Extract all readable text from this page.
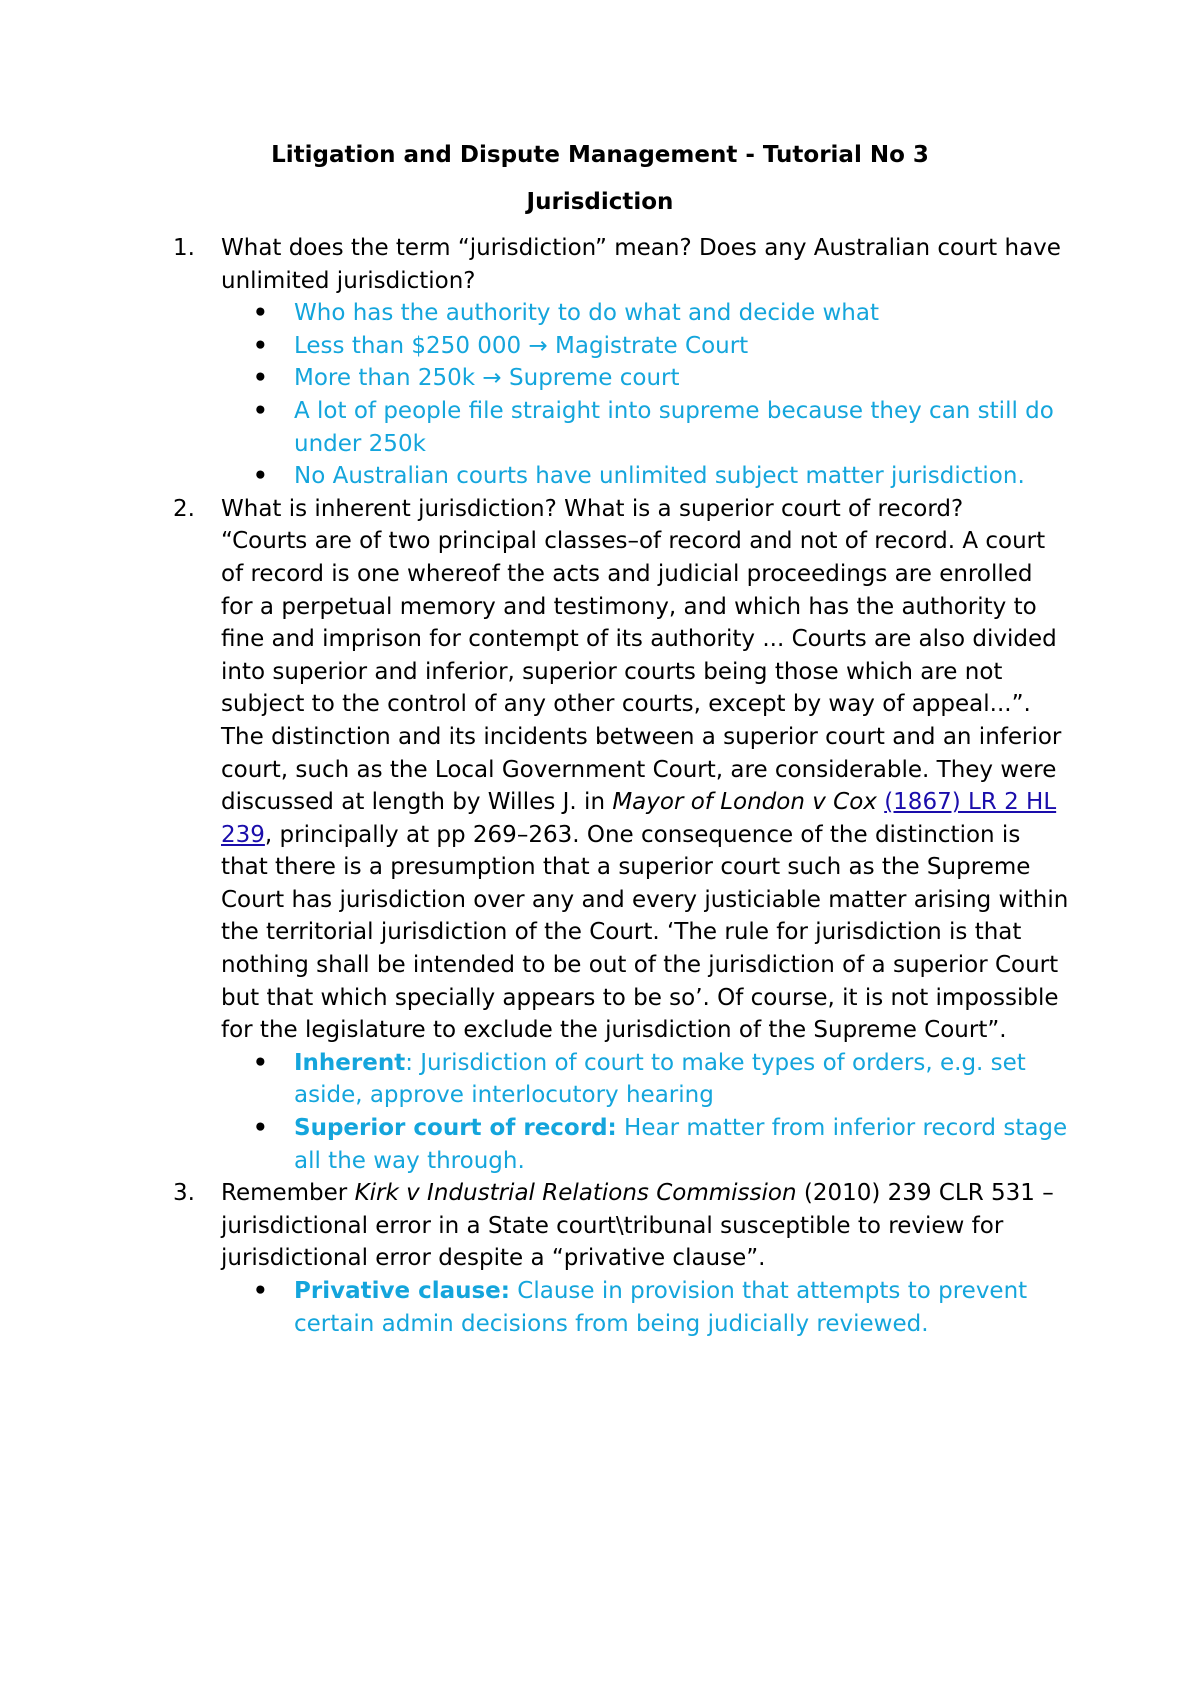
Litigation and Dispute Management - Tutorial No 3
Jurisdiction
1.	What does the term “jurisdiction” mean? Does any Australian court have unlimited jurisdiction?
• Who has the authority to do what and decide what
• Less than $250 000 → Magistrate Court
• More than 250k → Supreme court
• A lot of people file straight into supreme because they can still do under 250k
• No Australian courts have unlimited subject matter jurisdiction.
2.	What is inherent jurisdiction? What is a superior court of record?
“Courts are of two principal classes–of record and not of record. A court of record is one whereof the acts and judicial proceedings are enrolled for a perpetual memory and testimony, and which has the authority to fine and imprison for contempt of its authority ... Courts are also divided into superior and inferior, superior courts being those which are not subject to the control of any other courts, except by way of appeal...”.
The distinction and its incidents between a superior court and an inferior court, such as the Local Government Court, are considerable. They were discussed at length by Willes J. in Mayor of London v Cox (1867) LR 2 HL 239, principally at pp 269–263. One consequence of the distinction is that there is a presumption that a superior court such as the Supreme Court has jurisdiction over any and every justiciable matter arising within the territorial jurisdiction of the Court. ‘The rule for jurisdiction is that nothing shall be intended to be out of the jurisdiction of a superior Court but that which specially appears to be so’. Of course, it is not impossible for the legislature to exclude the jurisdiction of the Supreme Court”.
• Inherent: Jurisdiction of court to make types of orders, e.g. set aside, approve interlocutory hearing
• Superior court of record: Hear matter from inferior record stage all the way through.
3.	Remember Kirk v Industrial Relations Commission (2010) 239 CLR 531 – jurisdictional error in a State court\tribunal susceptible to review for jurisdictional error despite a “privative clause”.
• Privative clause: Clause in provision that attempts to prevent certain admin decisions from being judicially reviewed.
